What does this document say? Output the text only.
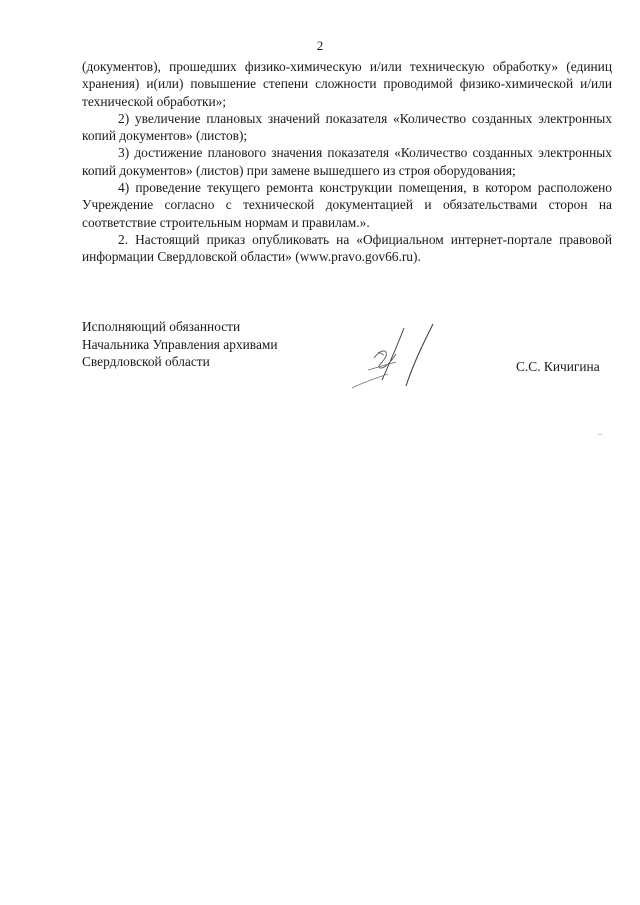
2

(документов), прошедших физико-химическую и/или техническую обработку» (единиц хранения) и(или) повышение степени сложности проводимой физико-химической и/или технической обработки»;

2) увеличение плановых значений показателя «Количество созданных электронных копий документов» (листов);

3) достижение планового значения показателя «Количество созданных электронных копий документов» (листов) при замене вышедшего из строя оборудования;

4) проведение текущего ремонта конструкции помещения, в котором расположено Учреждение согласно с технической документацией и обязательствами сторон на соответствие строительным нормам и правилам.».

2. Настоящий приказ опубликовать на «Официальном интернет-портале правовой информации Свердловской области» (www.pravo.gov66.ru).

Исполняющий обязанности
Начальника Управления архивами
Свердловской области	С.С. Кичигина
